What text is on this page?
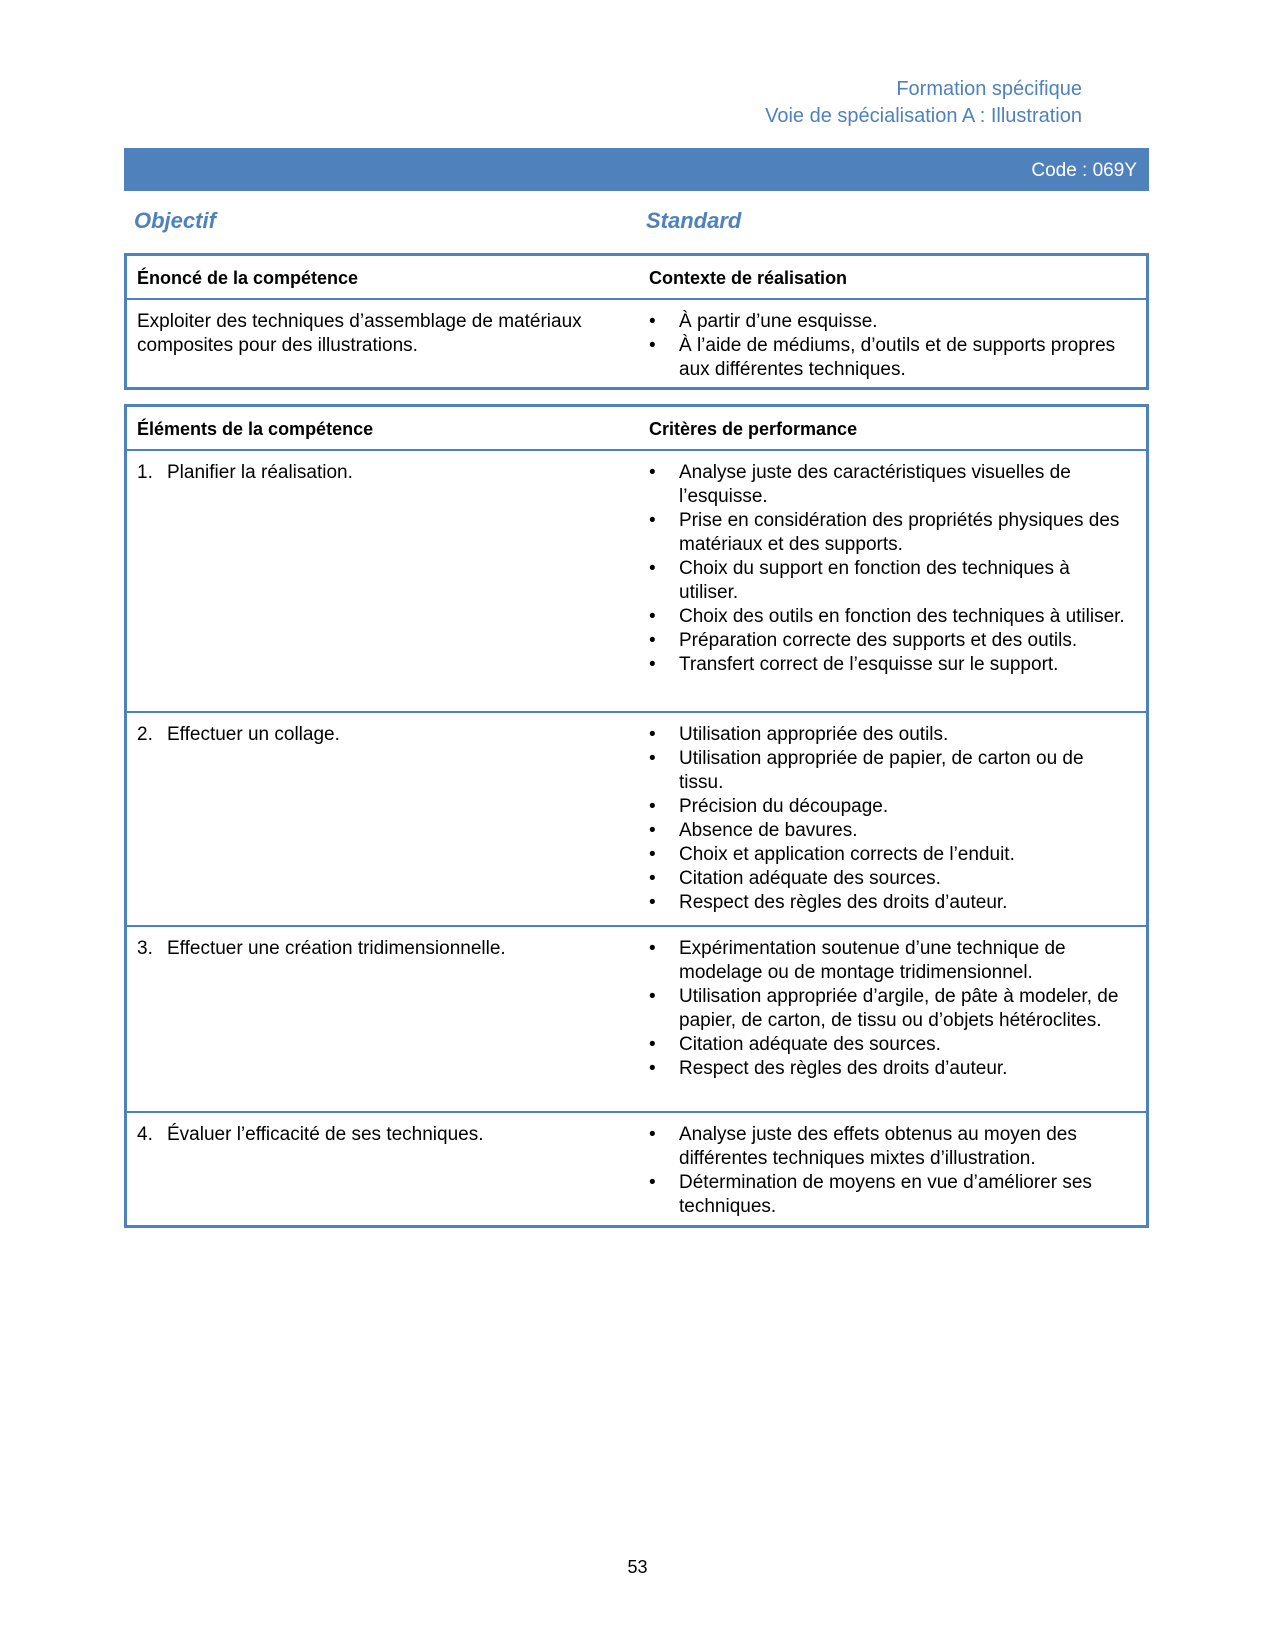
Formation spécifique
Voie de spécialisation A : Illustration
Code : 069Y
Objectif	Standard
Énoncé de la compétence	Contexte de réalisation
Exploiter des techniques d’assemblage de matériaux composites pour des illustrations.
• À partir d’une esquisse.
• À l’aide de médiums, d’outils et de supports propres aux différentes techniques.
Éléments de la compétence	Critères de performance
1. Planifier la réalisation.	• Analyse juste des caractéristiques visuelles de l’esquisse.
• Prise en considération des propriétés physiques des matériaux et des supports.
• Choix du support en fonction des techniques à utiliser.
• Choix des outils en fonction des techniques à utiliser.
• Préparation correcte des supports et des outils.
• Transfert correct de l’esquisse sur le support.
2. Effectuer un collage.	• Utilisation appropriée des outils.
• Utilisation appropriée de papier, de carton ou de tissu.
• Précision du découpage.
• Absence de bavures.
• Choix et application corrects de l’enduit.
• Citation adéquate des sources.
• Respect des règles des droits d’auteur.
3. Effectuer une création tridimensionnelle.	• Expérimentation soutenue d’une technique de modelage ou de montage tridimensionnel.
• Utilisation appropriée d’argile, de pâte à modeler, de papier, de carton, de tissu ou d’objets hétéroclites.
• Citation adéquate des sources.
• Respect des règles des droits d’auteur.
4. Évaluer l’efficacité de ses techniques.	• Analyse juste des effets obtenus au moyen des différentes techniques mixtes d’illustration.
• Détermination de moyens en vue d’améliorer ses techniques.
53
